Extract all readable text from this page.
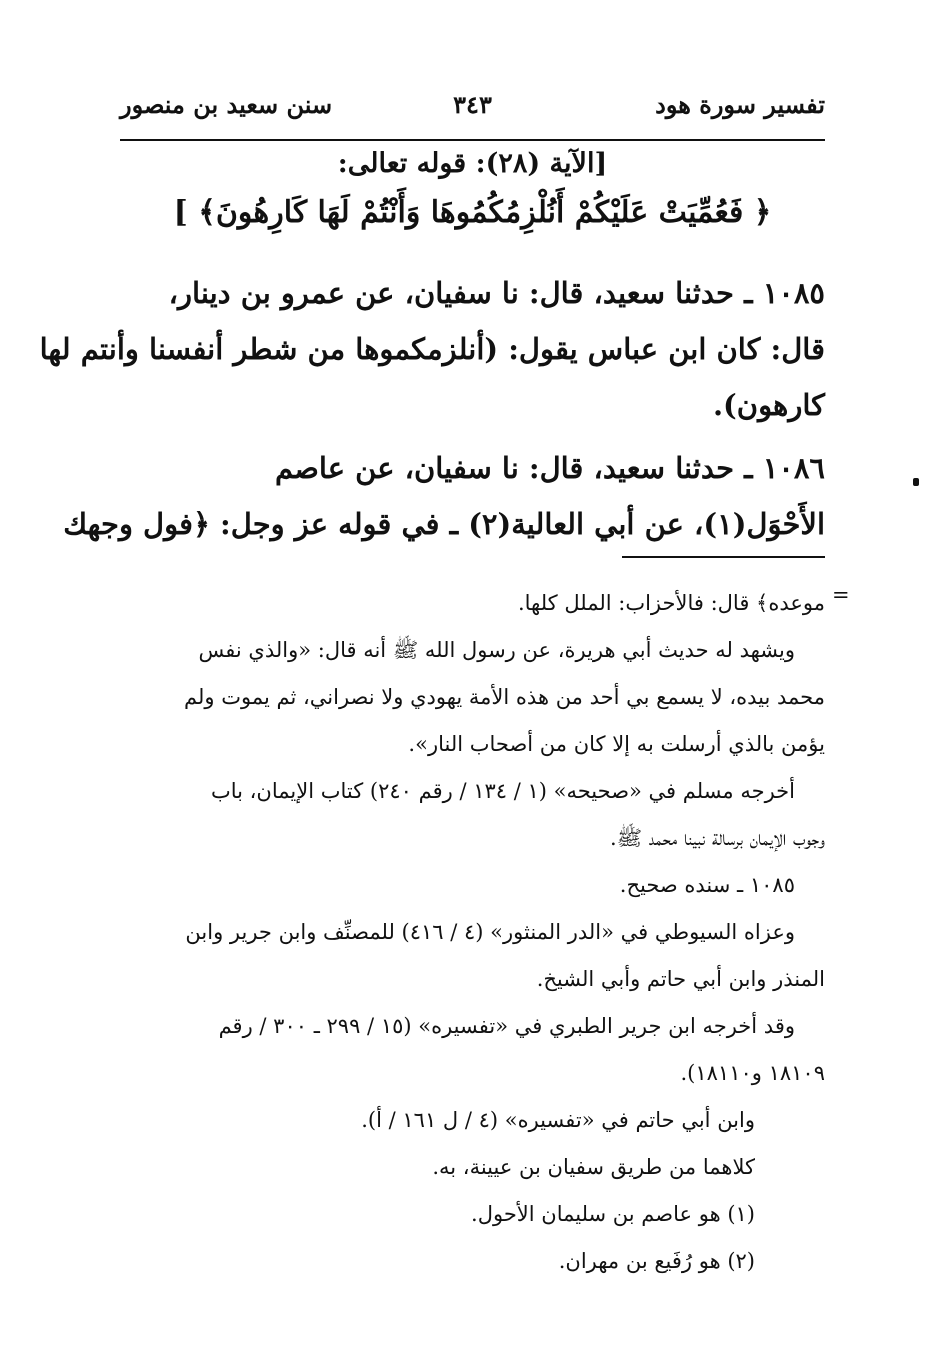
تفسير سورة هود
٣٤٣
سنن سعيد بن منصور
[الآية (٢٨): قوله تعالى:
﴿ فَعُمِّيَتْ عَلَيْكُمْ أَنُلْزِمُكُمُوهَا وَأَنْتُمْ لَهَا كَارِهُونَ﴾ ]
١٠٨٥ ـ حدثنا سعيد، قال: نا سفيان، عن عمرو بن دينار،
قال: كان ابن عباس يقول: (أنلزمكموها من شطر أنفسنا وأنتم لها
كارهون).
١٠٨٦ ـ حدثنا سعيد، قال: نا سفيان، عن عاصم
الأَحْوَل(١)، عن أبي العالية(٢) ـ في قوله عز وجل: ﴿فول وجهك
=
موعده﴾ قال: فالأحزاب: الملل كلها.
ويشهد له حديث أبي هريرة، عن رسول الله ﷺ أنه قال: «والذي نفس
محمد بيده، لا يسمع بي أحد من هذه الأمة يهودي ولا نصراني، ثم يموت ولم
يؤمن بالذي أرسلت به إلا كان من أصحاب النار».
أخرجه مسلم في «صحيحه» (١ / ١٣٤ / رقم ٢٤٠) كتاب الإيمان، باب
وجوب الإيمان برسالة نبينا محمد ﷺ.
١٠٨٥ ـ سنده صحيح.
وعزاه السيوطي في «الدر المنثور» (٤ / ٤١٦) للمصنِّف وابن جرير وابن
المنذر وابن أبي حاتم وأبي الشيخ.
وقد أخرجه ابن جرير الطبري في «تفسيره» (١٥ / ٢٩٩ ـ ٣٠٠ / رقم
١٨١٠٩ و١٨١١٠).
وابن أبي حاتم في «تفسيره» (٤ / ل ١٦١ / أ).
كلاهما من طريق سفيان بن عيينة، به.
(١) هو عاصم بن سليمان الأحول.
(٢) هو رُفَيع بن مهران.
